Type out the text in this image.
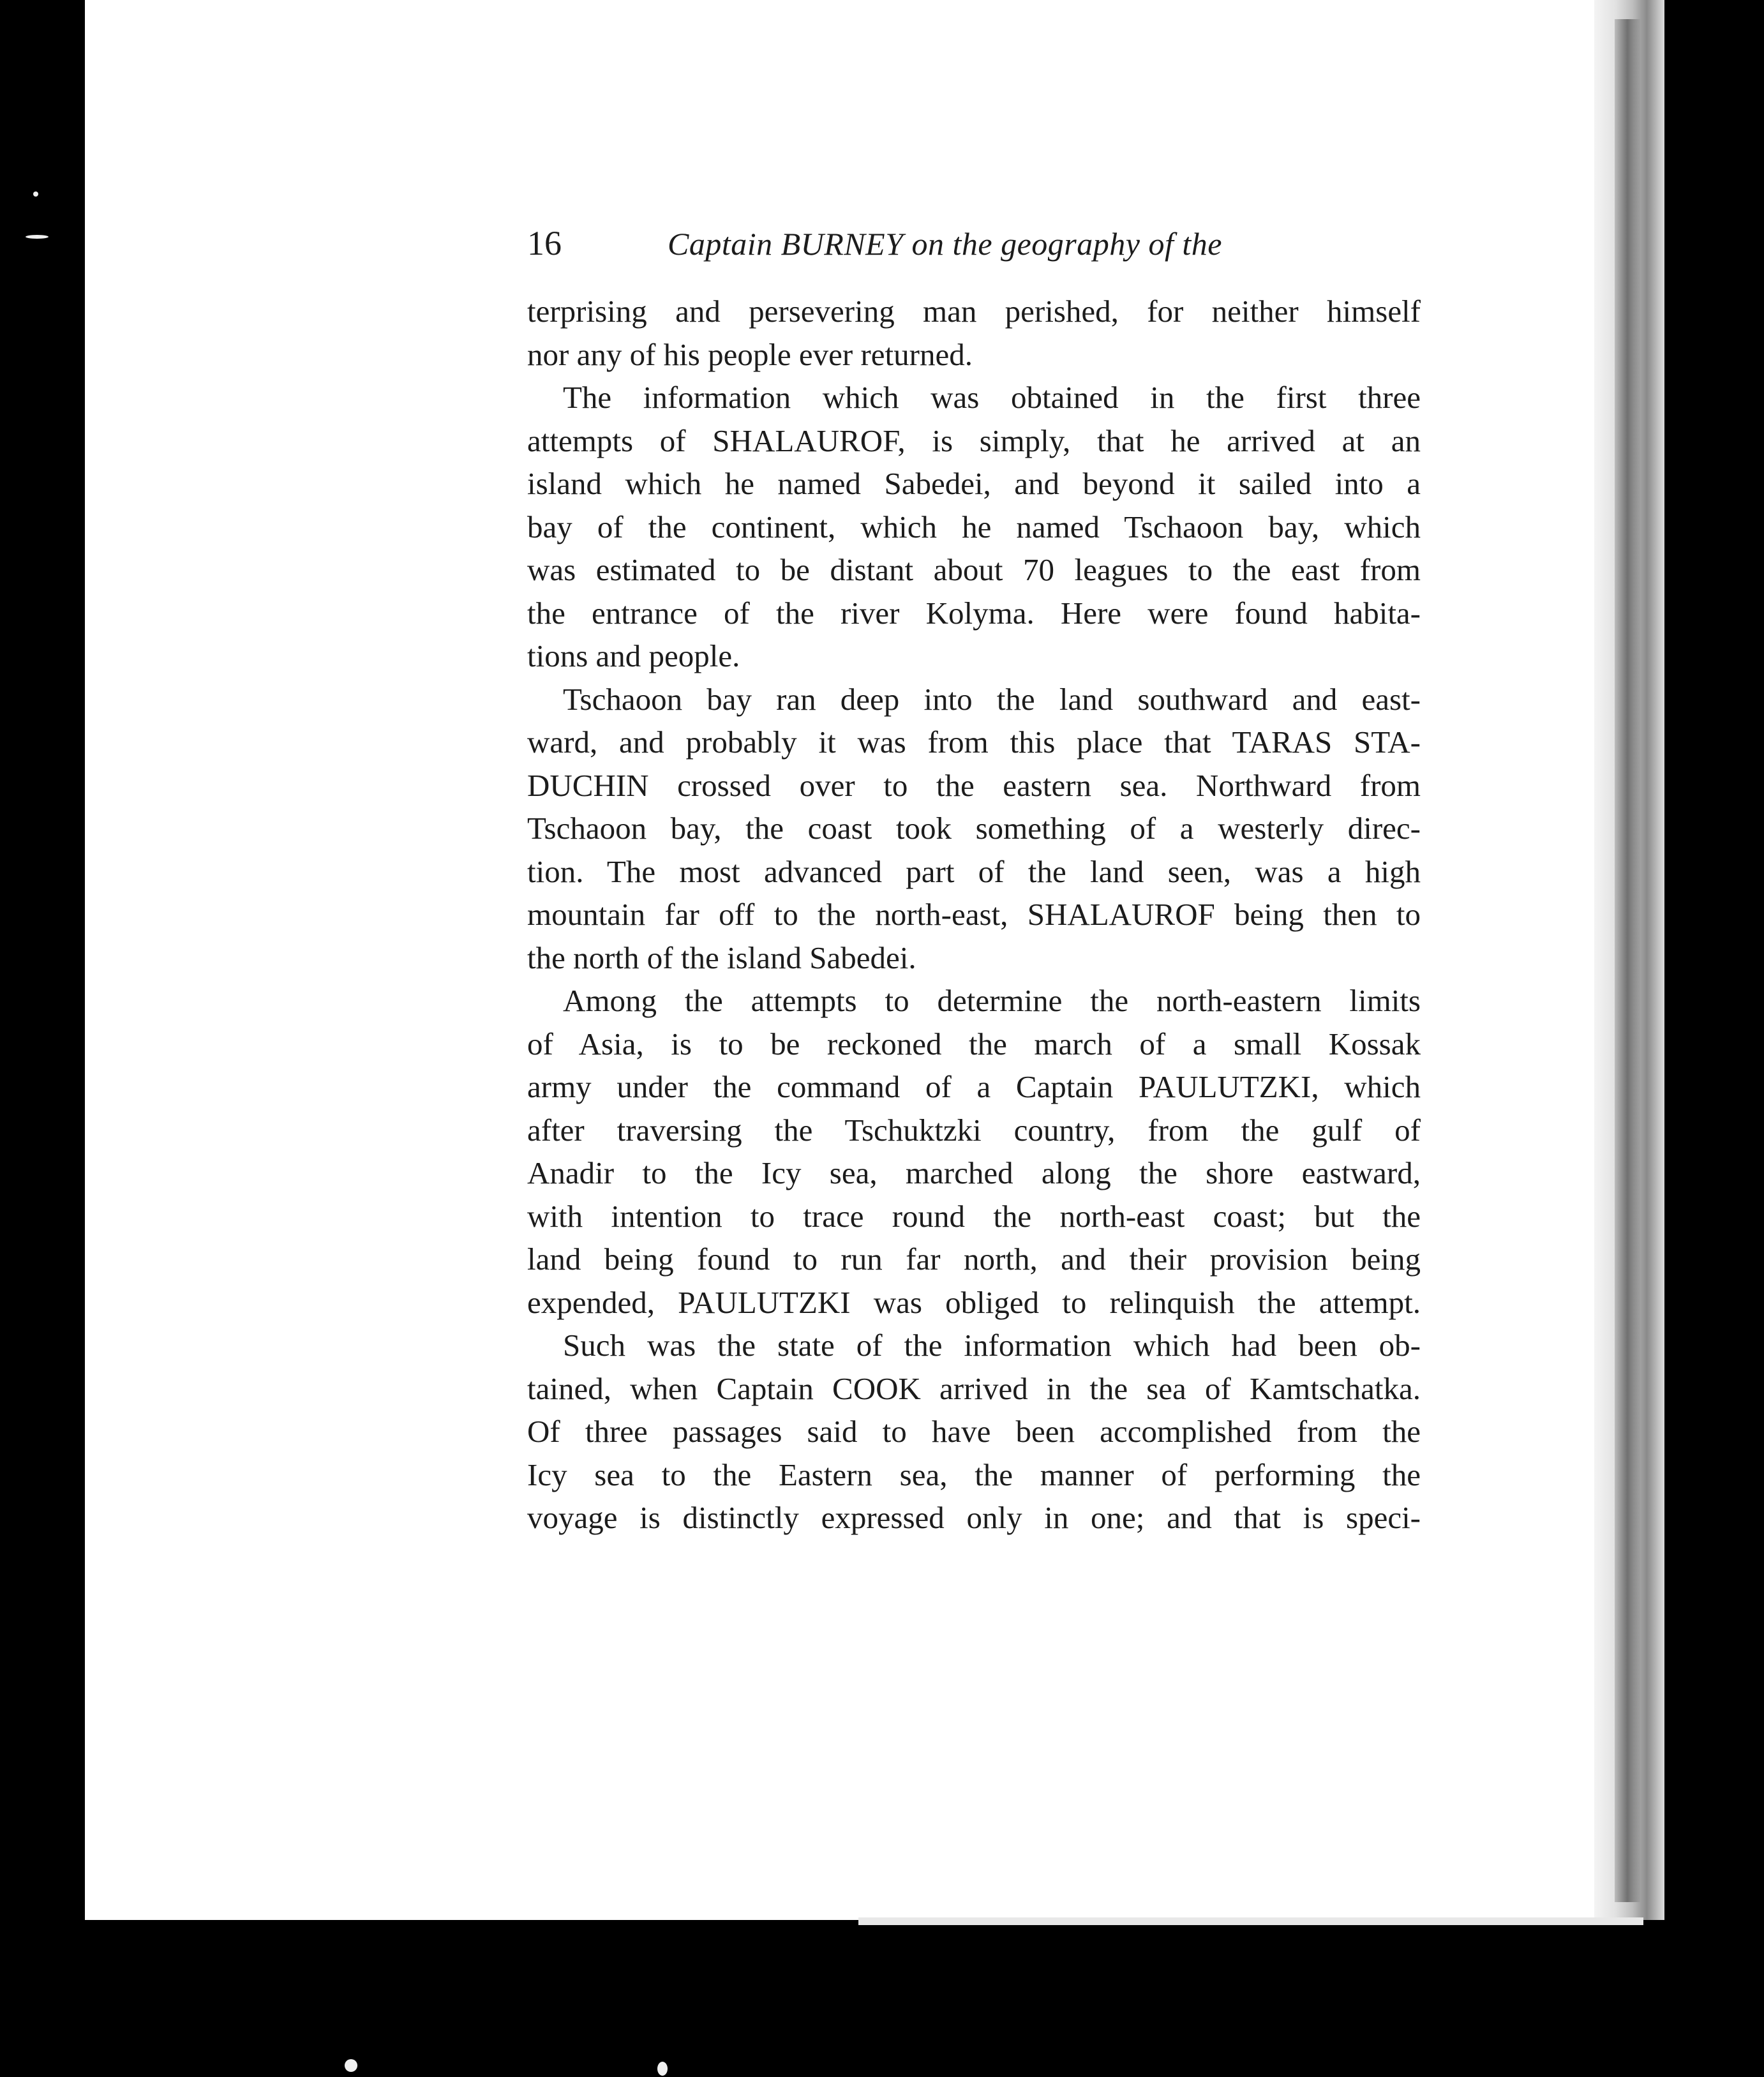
16	Captain BURNEY on the geography of the
terprising and persevering man perished, for neither himself
nor any of his people ever returned.
The information which was obtained in the first three
attempts of SHALAUROF, is simply, that he arrived at an
island which he named Sabedei, and beyond it sailed into a
bay of the continent, which he named Tschaoon bay, which
was estimated to be distant about 70 leagues to the east from
the entrance of the river Kolyma. Here were found habita-
tions and people.
Tschaoon bay ran deep into the land southward and east-
ward, and probably it was from this place that TARAS STA-
DUCHIN crossed over to the eastern sea. Northward from
Tschaoon bay, the coast took something of a westerly direc-
tion. The most advanced part of the land seen, was a high
mountain far off to the north-east, SHALAUROF being then to
the north of the island Sabedei.
Among the attempts to determine the north-eastern limits
of Asia, is to be reckoned the march of a small Kossak
army under the command of a Captain PAULUTZKI, which
after traversing the Tschuktzki country, from the gulf of
Anadir to the Icy sea, marched along the shore eastward,
with intention to trace round the north-east coast; but the
land being found to run far north, and their provision being
expended, PAULUTZKI was obliged to relinquish the attempt.
Such was the state of the information which had been ob-
tained, when Captain COOK arrived in the sea of Kamtschatka.
Of three passages said to have been accomplished from the
Icy sea to the Eastern sea, the manner of performing the
voyage is distinctly expressed only in one; and that is speci-
